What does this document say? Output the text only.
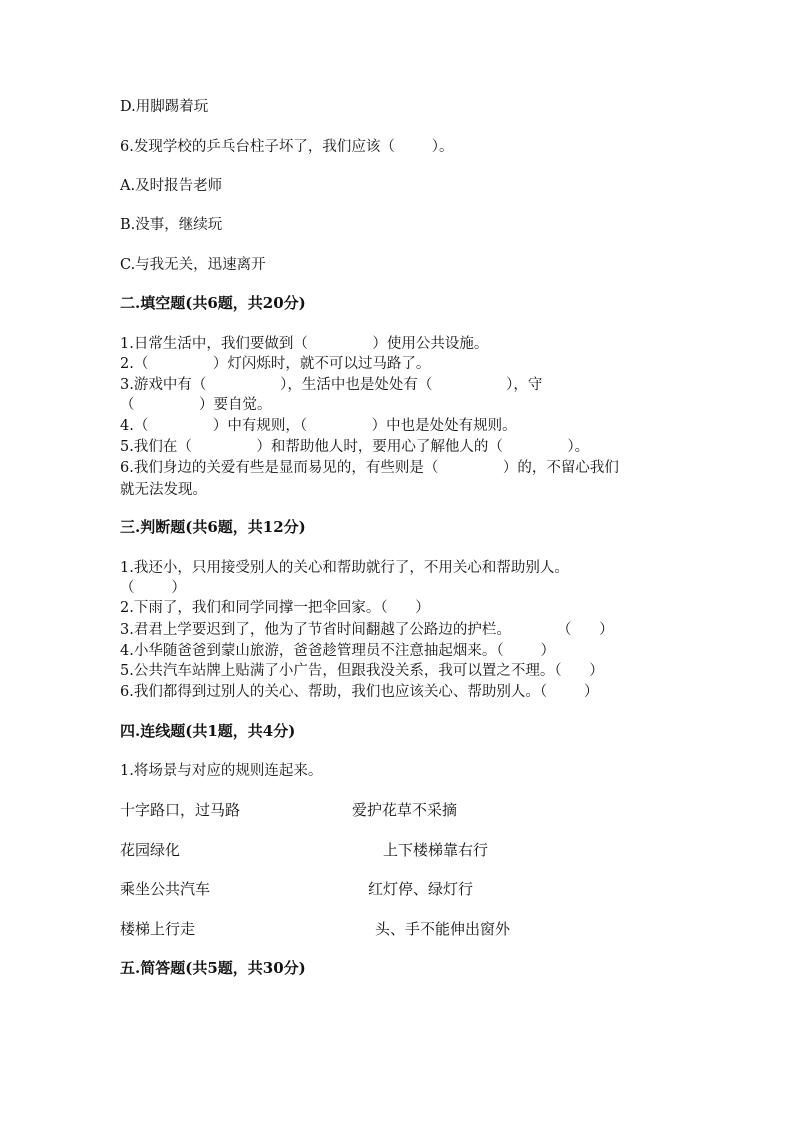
D.用脚踢着玩
6.发现学校的乒乓台柱子坏了，我们应该（        ）。
A.及时报告老师
B.没事，继续玩
C.与我无关，迅速离开
二.填空题(共6题，共20分)
1.日常生活中，我们要做到（              ）使用公共设施。
2.（              ）灯闪烁时，就不可以过马路了。
3.游戏中有（                ），生活中也是处处有（                ），守
（              ）要自觉。
4.（              ）中有规则，（              ）中也是处处有规则。
5.我们在（              ）和帮助他人时，要用心了解他人的（              ）。
6.我们身边的关爱有些是显而易见的，有些则是（              ）的，不留心我们
就无法发现。
三.判断题(共6题，共12分)
1.我还小，只用接受别人的关心和帮助就行了，不用关心和帮助别人。
（        ）
2.下雨了，我们和同学同撑一把伞回家。（      ）
3.君君上学要迟到了，他为了节省时间翻越了公路边的护栏。          （      ）
4.小华随爸爸到蒙山旅游，爸爸趁管理员不注意抽起烟来。（        ）
5.公共汽车站牌上贴满了小广告，但跟我没关系，我可以置之不理。（      ）
6.我们都得到过别人的关心、帮助，我们也应该关心、帮助别人。（        ）
四.连线题(共1题，共4分)
1.将场景与对应的规则连起来。
十字路口，过马路	爱护花草不采摘
花园绿化	上下楼梯靠右行
乘坐公共汽车	红灯停、绿灯行
楼梯上行走	头、手不能伸出窗外
五.简答题(共5题，共30分)
